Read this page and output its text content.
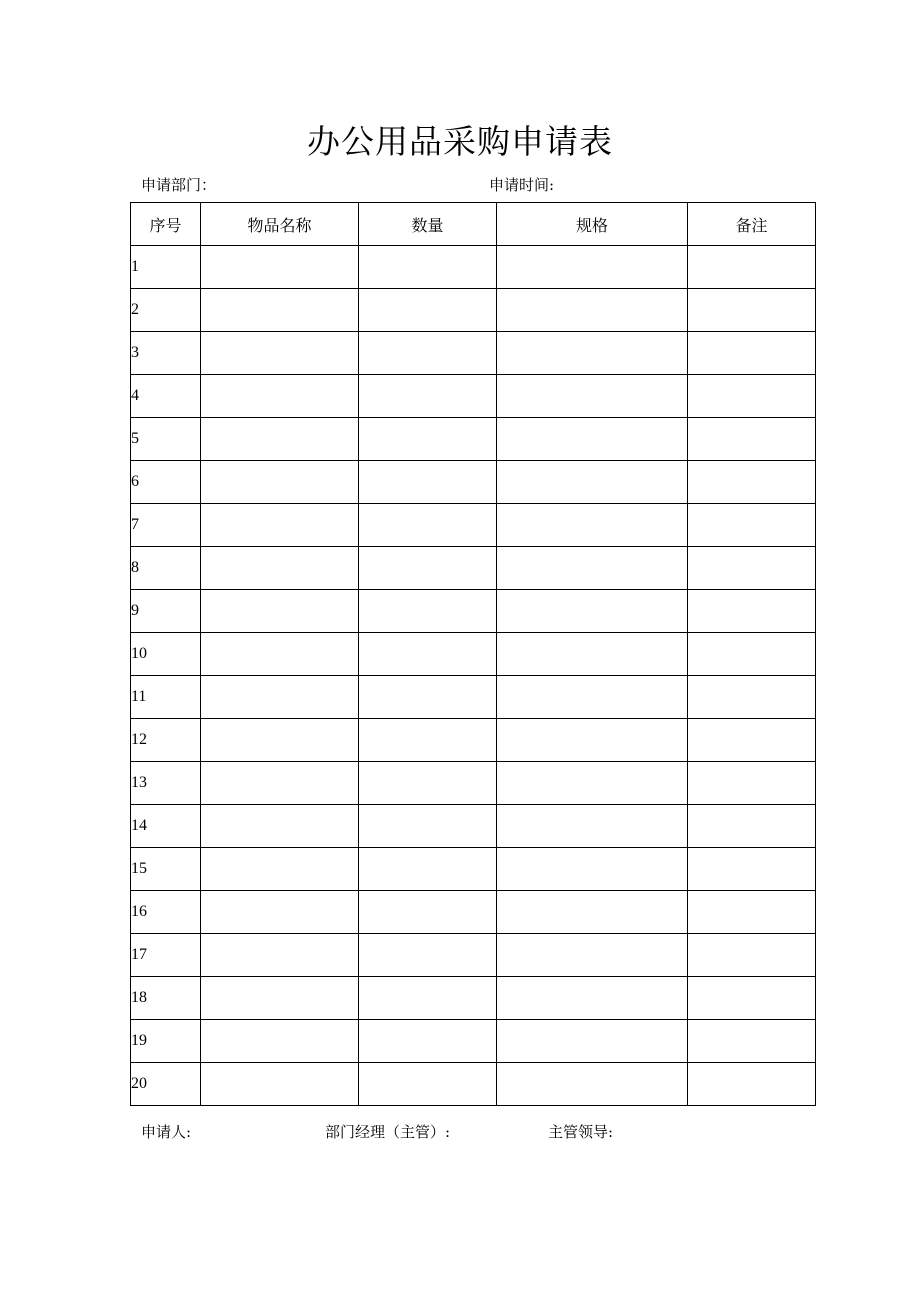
办公用品采购申请表
申请部门：	申请时间:
序号	物品名称	数量	规格	备注
1				
2				
3				
4				
5				
6				
7				
8				
9				
10				
11				
12				
13				
14				
15				
16				
17				
18				
19				
20				
申请人:	部门经理（主管）:	主管领导:
